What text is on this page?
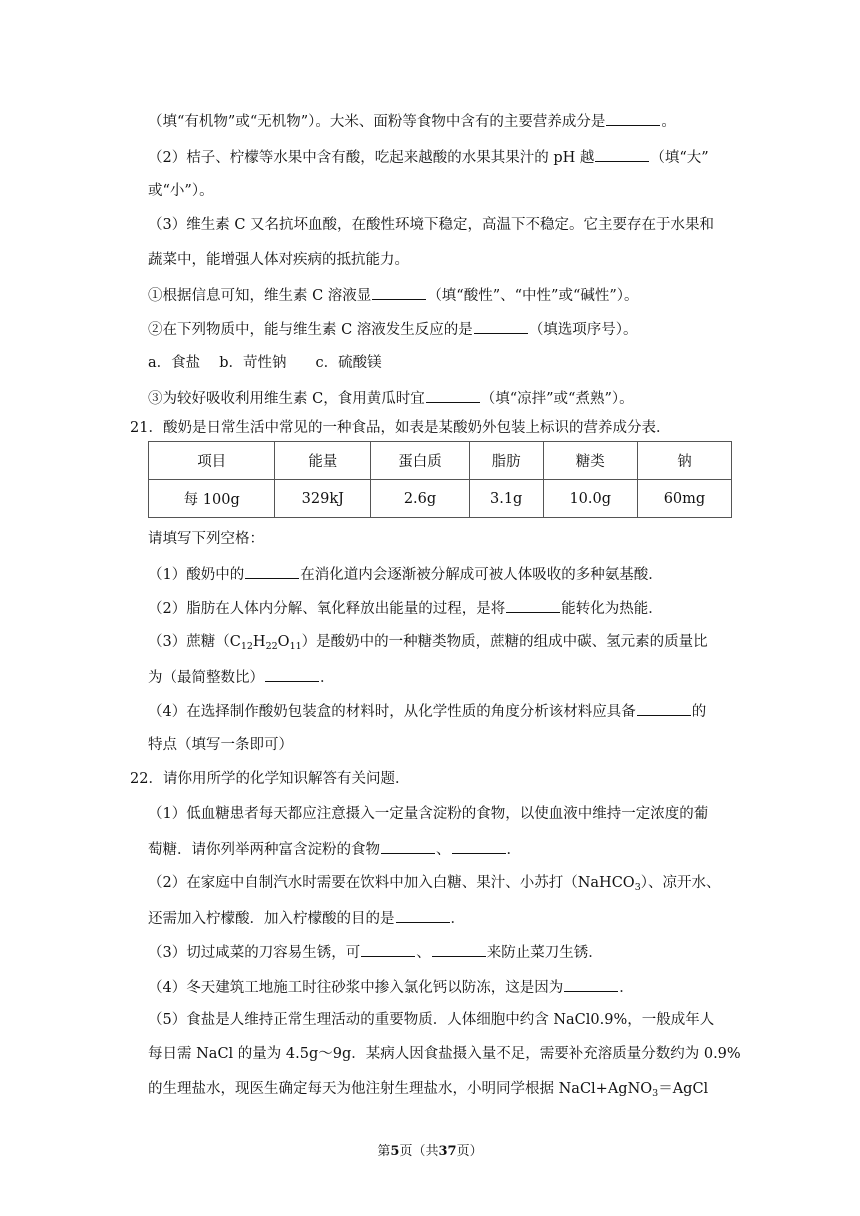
（填“有机物”或“无机物”）。大米、面粉等食物中含有的主要营养成分是	。
（2）桔子、柠檬等水果中含有酸，吃起来越酸的水果其果汁的 pH 越	（填“大”
或“小”）。
（3）维生素 C 又名抗坏血酸，在酸性环境下稳定，高温下不稳定。它主要存在于水果和
蔬菜中，能增强人体对疾病的抵抗能力。
①根据信息可知，维生素 C 溶液显	（填“酸性”、“中性”或“碱性”）。
②在下列物质中，能与维生素 C 溶液发生反应的是	（填选项序号）。
a．食盐　 b．苛性钠　　c．硫酸镁
③为较好吸收利用维生素 C，食用黄瓜时宜	（填“凉拌”或“煮熟”）。
21．酸奶是日常生活中常见的一种食品，如表是某酸奶外包装上标识的营养成分表．
项目	能量	蛋白质	脂肪	糖类	钠
每 100g	329kJ	2.6g	3.1g	10.0g	60mg
请填写下列空格：
（1）酸奶中的	在消化道内会逐渐被分解成可被人体吸收的多种氨基酸．
（2）脂肪在人体内分解、氧化释放出能量的过程，是将	能转化为热能．
（3）蔗糖$(C_{12}H_{22}O_{11})$是酸奶中的一种糖类物质，蔗糖的组成中碳、氢元素的质量比
为（最简整数比）	．
（4）在选择制作酸奶包装盒的材料时，从化学性质的角度分析该材料应具备	的
特点（填写一条即可）
22．请你用所学的化学知识解答有关问题．
（1）低血糖患者每天都应注意摄入一定量含淀粉的食物，以使血液中维持一定浓度的葡
萄糖．请你列举两种富含淀粉的食物	、	．
（2）在家庭中自制汽水时需要在饮料中加入白糖、果汁、小苏打（NaHCO$_3$）、凉开水、
还需加入柠檬酸．加入柠檬酸的目的是	．
（3）切过咸菜的刀容易生锈，可	、	来防止菜刀生锈．
（4）冬天建筑工地施工时往砂浆中掺入氯化钙以防冻，这是因为	．
（5）食盐是人维持正常生理活动的重要物质．人体细胞中约含 NaCl0.9%，一般成年人
每日需 NaCl 的量为 4.5g～9g．某病人因食盐摄入量不足，需要补充溶质量分数约为 0.9%
的生理盐水，现医生确定每天为他注射生理盐水，小明同学根据 NaCl+AgNO$_3$＝AgCl
第5页（共37页）
